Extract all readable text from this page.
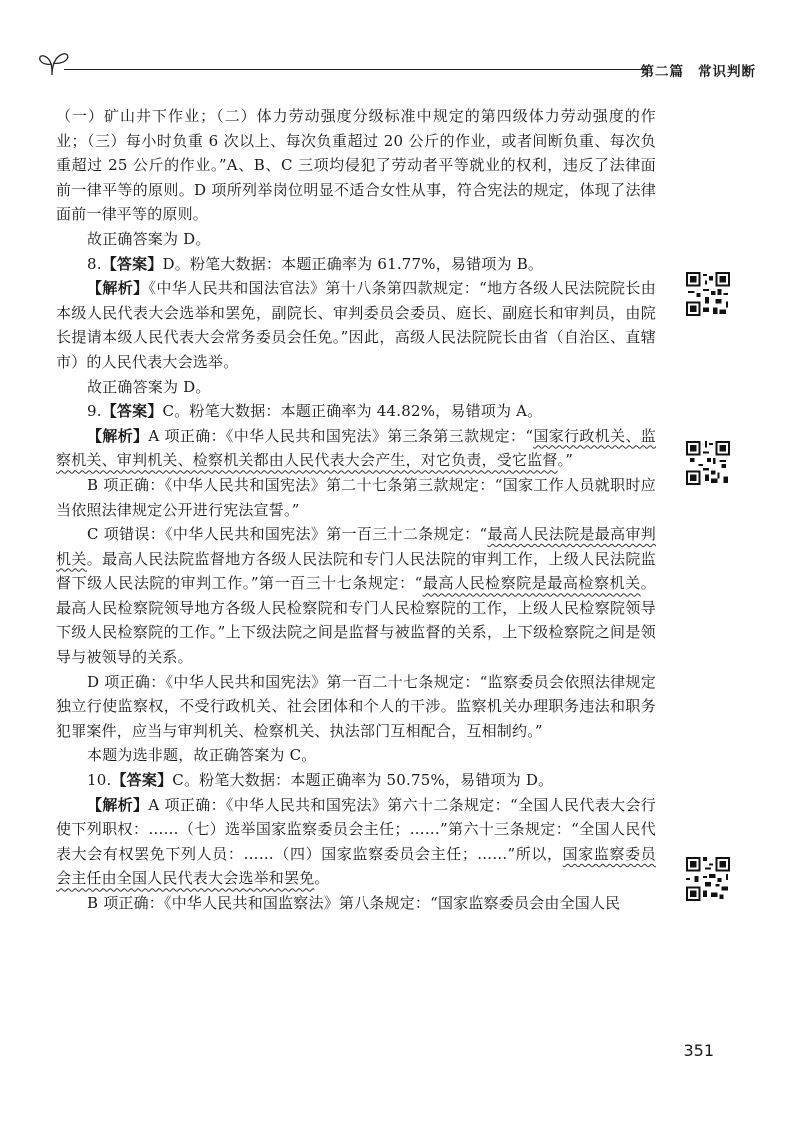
第二篇 常识判断

（一）矿山井下作业；（二）体力劳动强度分级标准中规定的第四级体力劳动强度的作业；（三）每小时负重 6 次以上、每次负重超过 20 公斤的作业，或者间断负重、每次负重超过 25 公斤的作业。”A、B、C 三项均侵犯了劳动者平等就业的权利，违反了法律面前一律平等的原则。D 项所列举岗位明显不适合女性从事，符合宪法的规定，体现了法律面前一律平等的原则。

故正确答案为 D。

8.【答案】D。粉笔大数据：本题正确率为 61.77%，易错项为 B。

【解析】《中华人民共和国法官法》第十八条第四款规定：“地方各级人民法院院长由本级人民代表大会选举和罢免，副院长、审判委员会委员、庭长、副庭长和审判员，由院长提请本级人民代表大会常务委员会任免。”因此，高级人民法院院长由省（自治区、直辖市）的人民代表大会选举。

故正确答案为 D。

9.【答案】C。粉笔大数据：本题正确率为 44.82%，易错项为 A。

【解析】A 项正确：《中华人民共和国宪法》第三条第三款规定：“国家行政机关、监察机关、审判机关、检察机关都由人民代表大会产生，对它负责，受它监督。”

B 项正确：《中华人民共和国宪法》第二十七条第三款规定：“国家工作人员就职时应当依照法律规定公开进行宪法宣誓。”

C 项错误：《中华人民共和国宪法》第一百三十二条规定：“最高人民法院是最高审判机关。最高人民法院监督地方各级人民法院和专门人民法院的审判工作，上级人民法院监督下级人民法院的审判工作。”第一百三十七条规定：“最高人民检察院是最高检察机关。最高人民检察院领导地方各级人民检察院和专门人民检察院的工作，上级人民检察院领导下级人民检察院的工作。”上下级法院之间是监督与被监督的关系，上下级检察院之间是领导与被领导的关系。

D 项正确：《中华人民共和国宪法》第一百二十七条规定：“监察委员会依照法律规定独立行使监察权，不受行政机关、社会团体和个人的干涉。监察机关办理职务违法和职务犯罪案件，应当与审判机关、检察机关、执法部门互相配合，互相制约。”

本题为选非题，故正确答案为 C。

10.【答案】C。粉笔大数据：本题正确率为 50.75%，易错项为 D。

【解析】A 项正确：《中华人民共和国宪法》第六十二条规定：“全国人民代表大会行使下列职权：……（七）选举国家监察委员会主任；……”第六十三条规定：“全国人民代表大会有权罢免下列人员：……（四）国家监察委员会主任；……”所以，国家监察委员会主任由全国人民代表大会选举和罢免。

B 项正确：《中华人民共和国监察法》第八条规定：“国家监察委员会由全国人民

351
